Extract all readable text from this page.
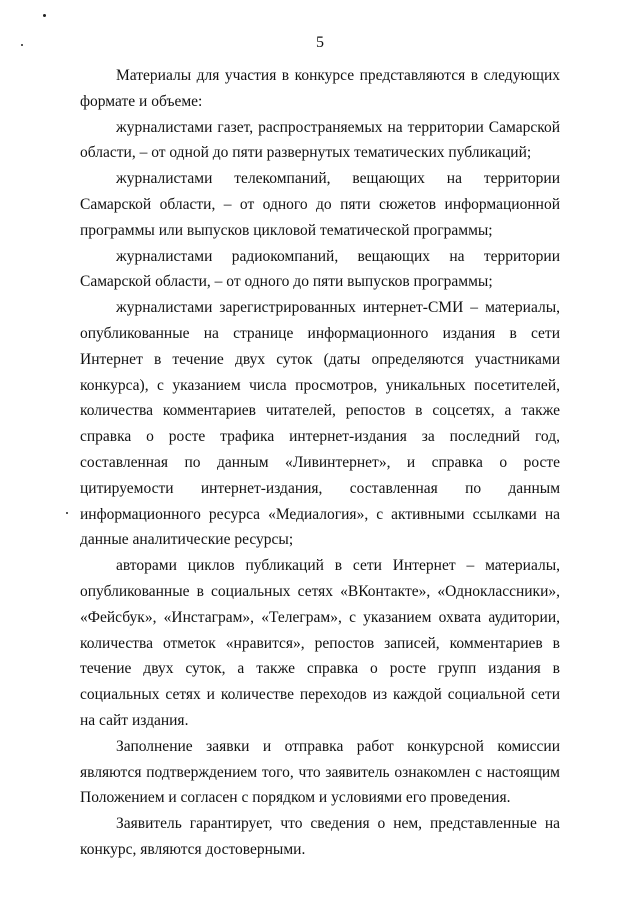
5

Материалы для участия в конкурсе представляются в следующих формате и объеме:

журналистами газет, распространяемых на территории Самарской области, – от одной до пяти развернутых тематических публикаций;

журналистами телекомпаний, вещающих на территории Самарской области, – от одного до пяти сюжетов информационной программы или выпусков цикловой тематической программы;

журналистами радиокомпаний, вещающих на территории Самарской области, – от одного до пяти выпусков программы;

журналистами зарегистрированных интернет-СМИ – материалы, опубликованные на странице информационного издания в сети Интернет в течение двух суток (даты определяются участниками конкурса), с указанием числа просмотров, уникальных посетителей, количества комментариев читателей, репостов в соцсетях, а также справка о росте трафика интернет-издания за последний год, составленная по данным «Ливинтернет», и справка о росте цитируемости интернет-издания, составленная по данным информационного ресурса «Медиалогия», с активными ссылками на данные аналитические ресурсы;

авторами циклов публикаций в сети Интернет – материалы, опубликованные в социальных сетях «ВКонтакте», «Одноклассники», «Фейсбук», «Инстаграм», «Телеграм», с указанием охвата аудитории, количества отметок «нравится», репостов записей, комментариев в течение двух суток, а также справка о росте групп издания в социальных сетях и количестве переходов из каждой социальной сети на сайт издания.

Заполнение заявки и отправка работ конкурсной комиссии являются подтверждением того, что заявитель ознакомлен с настоящим Положением и согласен с порядком и условиями его проведения.

Заявитель гарантирует, что сведения о нем, представленные на конкурс, являются достоверными.
